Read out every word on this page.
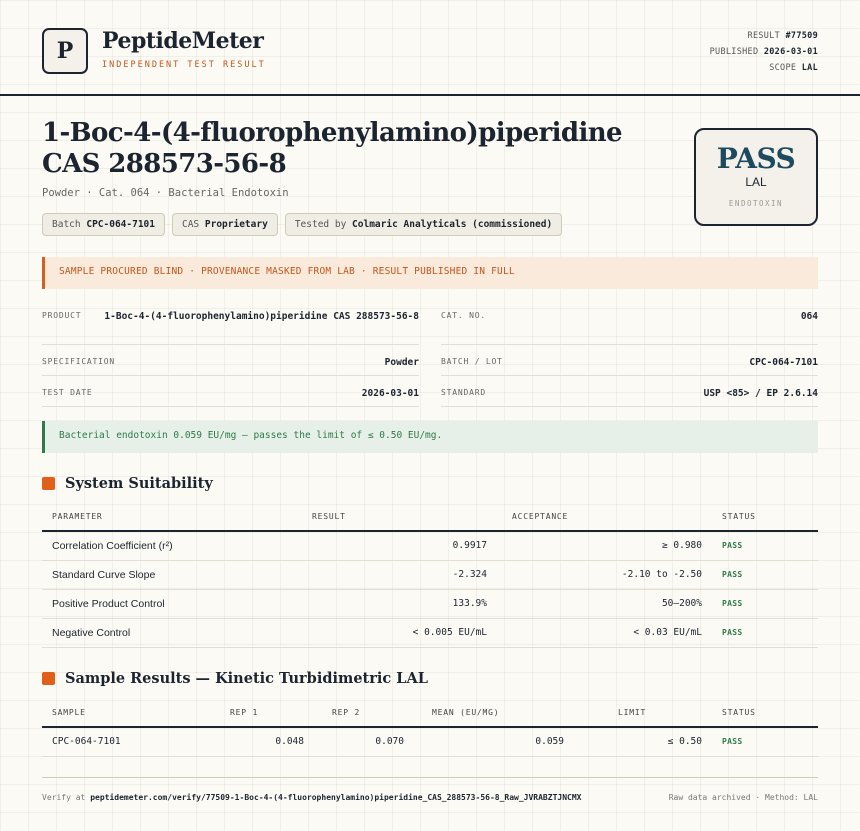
P	PeptideMeter
INDEPENDENT TEST RESULT
RESULT #77509
PUBLISHED 2026-03-01
SCOPE LAL
1-Boc-4-(4-fluorophenylamino)piperidine CAS 288573-56-8
Powder · Cat. 064 · Bacterial Endotoxin
Batch CPC-064-7101	CAS Proprietary	Tested by Colmaric Analyticals (commissioned)
PASS
LAL
ENDOTOXIN
SAMPLE PROCURED BLIND · PROVENANCE MASKED FROM LAB · RESULT PUBLISHED IN FULL
PRODUCT	1-Boc-4-(4-fluorophenylamino)piperidine CAS 288573-56-8	CAT. NO.	064
SPECIFICATION	Powder	BATCH / LOT	CPC-064-7101
TEST DATE	2026-03-01	STANDARD	USP <85> / EP 2.6.14
Bacterial endotoxin 0.059 EU/mg — passes the limit of ≤ 0.50 EU/mg.
System Suitability
PARAMETER	RESULT	ACCEPTANCE	STATUS
Correlation Coefficient (r²)	0.9917	≥ 0.980	PASS
Standard Curve Slope	-2.324	-2.10 to -2.50	PASS
Positive Product Control	133.9%	50–200%	PASS
Negative Control	< 0.005 EU/mL	< 0.03 EU/mL	PASS
Sample Results — Kinetic Turbidimetric LAL
SAMPLE	REP 1	REP 2	MEAN (EU/MG)	LIMIT	STATUS
CPC-064-7101	0.048	0.070	0.059	≤ 0.50	PASS
Verify at peptidemeter.com/verify/77509-1-Boc-4-(4-fluorophenylamino)piperidine_CAS_288573-56-8_Raw_JVRABZTJNCMX	Raw data archived · Method: LAL
